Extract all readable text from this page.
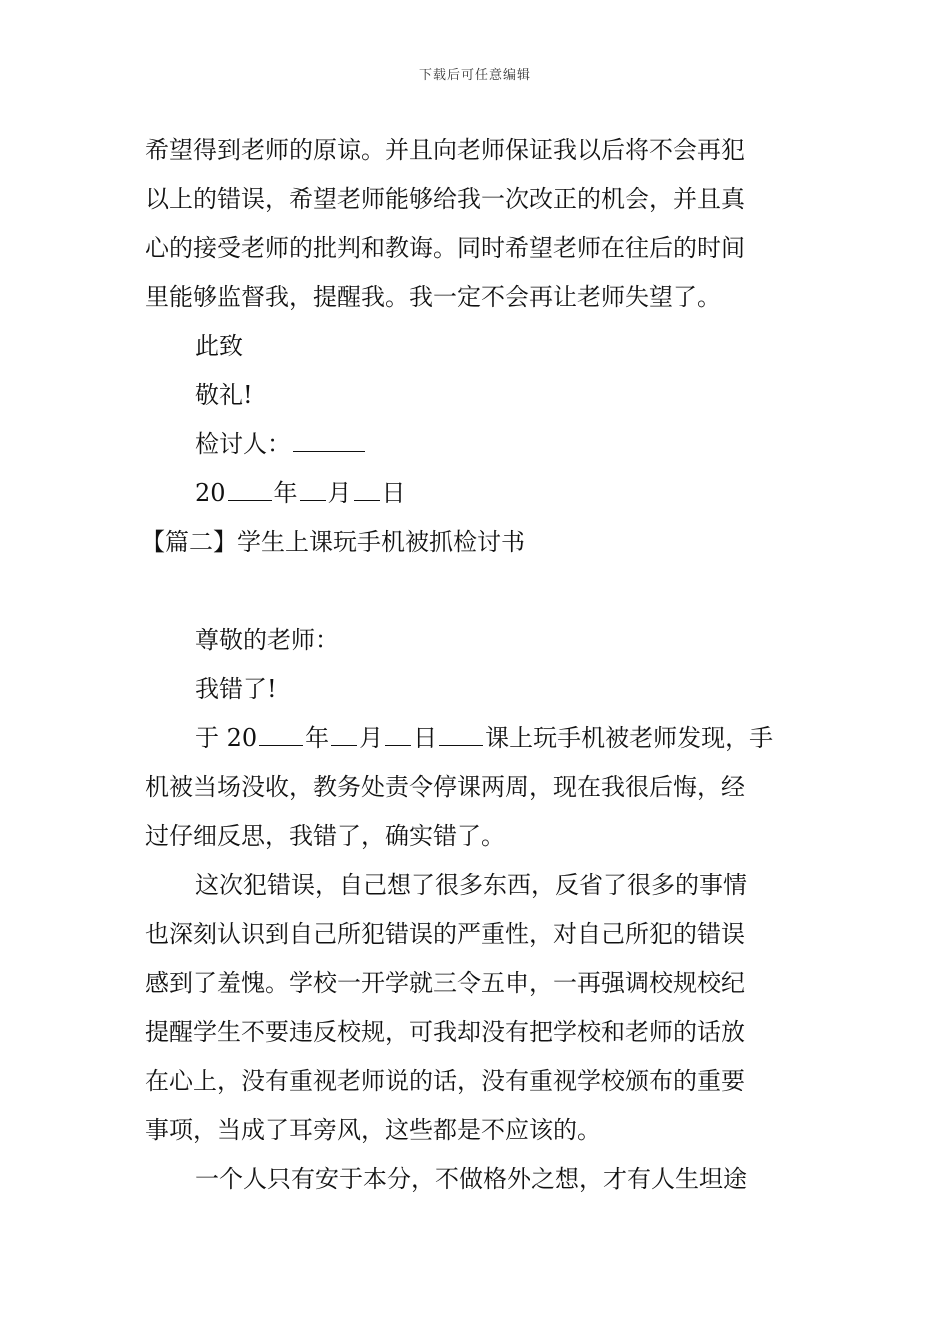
下载后可任意编辑
希望得到老师的原谅。并且向老师保证我以后将不会再犯
以上的错误，希望老师能够给我一次改正的机会，并且真
心的接受老师的批判和教诲。同时希望老师在往后的时间
里能够监督我，提醒我。我一定不会再让老师失望了。
此致
敬礼!
检讨人：
20 年 月 日
【篇二】学生上课玩手机被抓检讨书
尊敬的老师：
我错了!
于 20 年 月 日 课上玩手机被老师发现，手
机被当场没收，教务处责令停课两周，现在我很后悔，经
过仔细反思，我错了，确实错了。
这次犯错误，自己想了很多东西，反省了很多的事情
也深刻认识到自己所犯错误的严重性，对自己所犯的错误
感到了羞愧。学校一开学就三令五申，一再强调校规校纪
提醒学生不要违反校规，可我却没有把学校和老师的话放
在心上，没有重视老师说的话，没有重视学校颁布的重要
事项，当成了耳旁风，这些都是不应该的。
一个人只有安于本分，不做格外之想，才有人生坦途
